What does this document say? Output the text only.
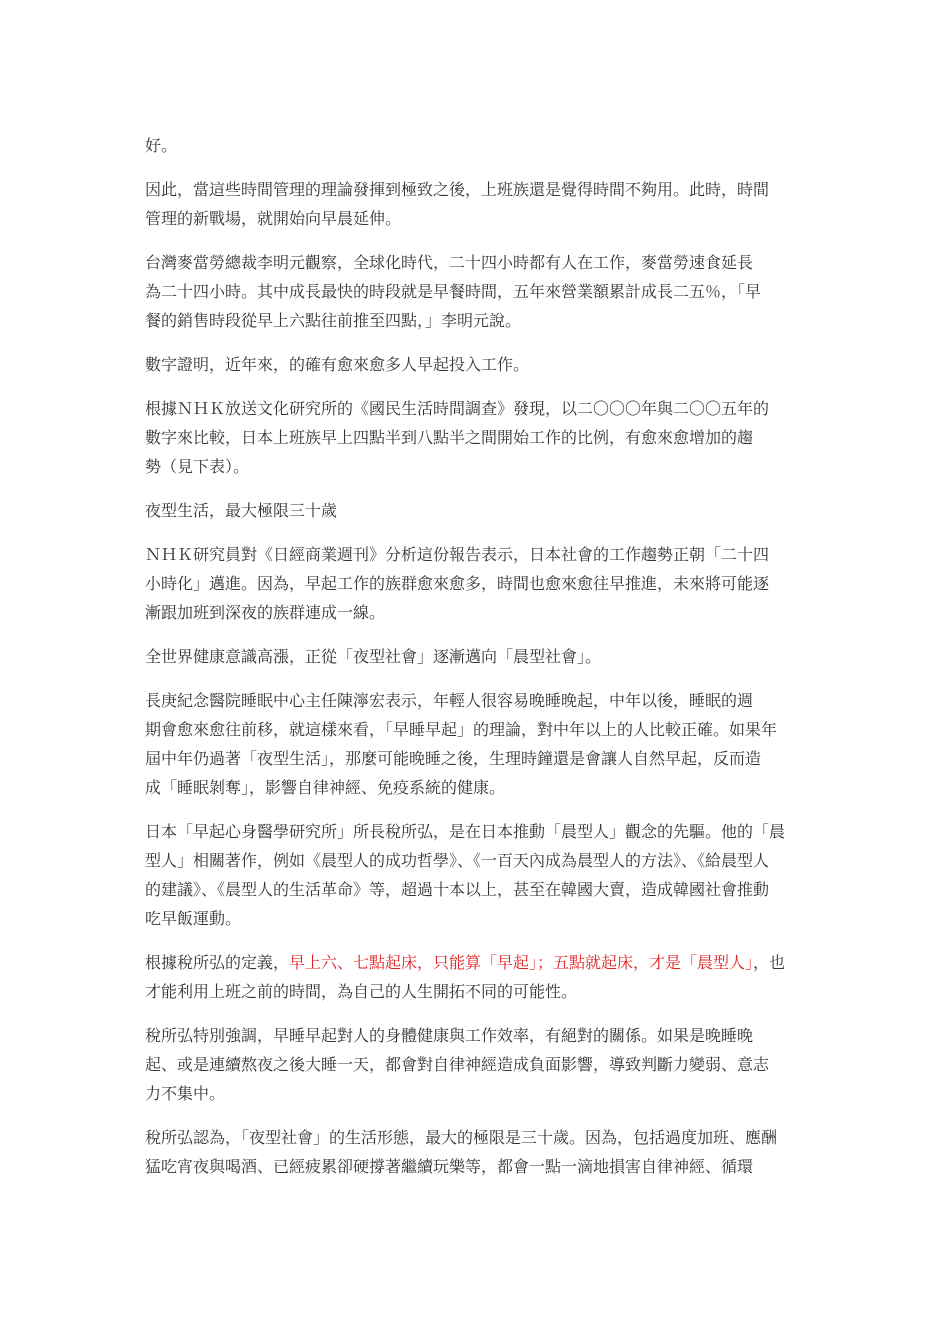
好。

因此，當這些時間管理的理論發揮到極致之後，上班族還是覺得時間不夠用。此時，時間
管理的新戰場，就開始向早晨延伸。

台灣麥當勞總裁李明元觀察，全球化時代，二十四小時都有人在工作，麥當勞速食延長
為二十四小時。其中成長最快的時段就是早餐時間，五年來營業額累計成長二五％，「早
餐的銷售時段從早上六點往前推至四點，」李明元說。

數字證明，近年來，的確有愈來愈多人早起投入工作。

根據ＮＨＫ放送文化研究所的《國民生活時間調查》發現，以二〇〇〇年與二〇〇五年的
數字來比較，日本上班族早上四點半到八點半之間開始工作的比例，有愈來愈增加的趨
勢（見下表）。

夜型生活，最大極限三十歲

ＮＨＫ研究員對《日經商業週刊》分析這份報告表示，日本社會的工作趨勢正朝「二十四
小時化」邁進。因為，早起工作的族群愈來愈多，時間也愈來愈往早推進，未來將可能逐
漸跟加班到深夜的族群連成一線。

全世界健康意識高漲，正從「夜型社會」逐漸邁向「晨型社會」。

長庚紀念醫院睡眠中心主任陳濘宏表示，年輕人很容易晚睡晚起，中年以後，睡眠的週
期會愈來愈往前移，就這樣來看，「早睡早起」的理論，對中年以上的人比較正確。如果年
屆中年仍過著「夜型生活」，那麼可能晚睡之後，生理時鐘還是會讓人自然早起，反而造
成「睡眠剝奪」，影響自律神經、免疫系統的健康。

日本「早起心身醫學研究所」所長稅所弘，是在日本推動「晨型人」觀念的先驅。他的「晨
型人」相關著作，例如《晨型人的成功哲學》、《一百天內成為晨型人的方法》、《給晨型人
的建議》、《晨型人的生活革命》等，超過十本以上，甚至在韓國大賣，造成韓國社會推動
吃早飯運動。

根據稅所弘的定義，早上六、七點起床，只能算「早起」；五點就起床，才是「晨型人」，也
才能利用上班之前的時間，為自己的人生開拓不同的可能性。

稅所弘特別強調，早睡早起對人的身體健康與工作效率，有絕對的關係。如果是晚睡晚
起、或是連續熬夜之後大睡一天，都會對自律神經造成負面影響，導致判斷力變弱、意志
力不集中。

稅所弘認為，「夜型社會」的生活形態，最大的極限是三十歲。因為，包括過度加班、應酬
猛吃宵夜與喝酒、已經疲累卻硬撐著繼續玩樂等，都會一點一滴地損害自律神經、循環
